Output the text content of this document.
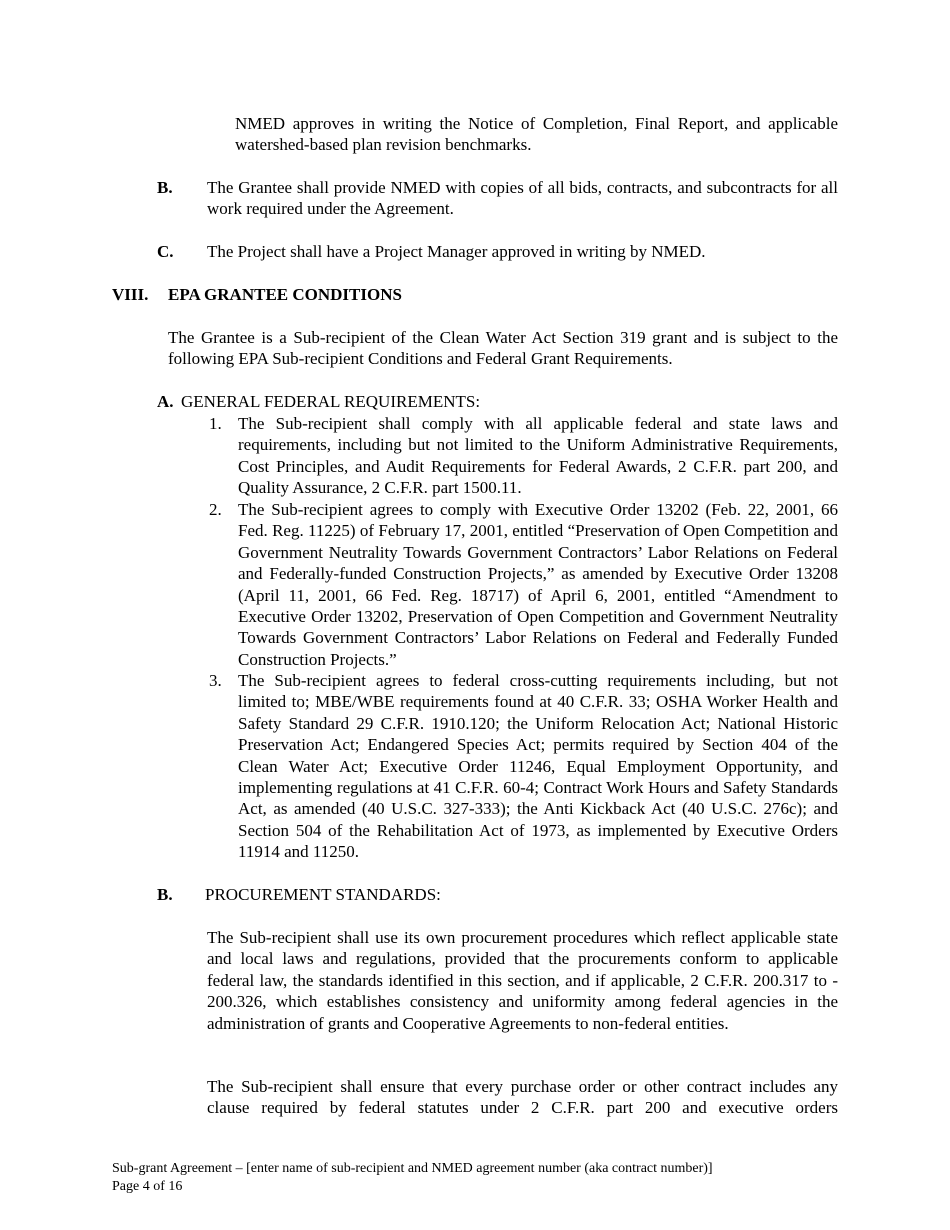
NMED approves in writing the Notice of Completion, Final Report, and applicable watershed-based plan revision benchmarks.
B. The Grantee shall provide NMED with copies of all bids, contracts, and subcontracts for all work required under the Agreement.
C. The Project shall have a Project Manager approved in writing by NMED.
VIII. EPA GRANTEE CONDITIONS
The Grantee is a Sub-recipient of the Clean Water Act Section 319 grant and is subject to the following EPA Sub-recipient Conditions and Federal Grant Requirements.
A. GENERAL FEDERAL REQUIREMENTS:
1. The Sub-recipient shall comply with all applicable federal and state laws and requirements, including but not limited to the Uniform Administrative Requirements, Cost Principles, and Audit Requirements for Federal Awards, 2 C.F.R. part 200, and Quality Assurance, 2 C.F.R. part 1500.11.
2. The Sub-recipient agrees to comply with Executive Order 13202 (Feb. 22, 2001, 66 Fed. Reg. 11225) of February 17, 2001, entitled “Preservation of Open Competition and Government Neutrality Towards Government Contractors’ Labor Relations on Federal and Federally-funded Construction Projects,” as amended by Executive Order 13208 (April 11, 2001, 66 Fed. Reg. 18717) of April 6, 2001, entitled “Amendment to Executive Order 13202, Preservation of Open Competition and Government Neutrality Towards Government Contractors’ Labor Relations on Federal and Federally Funded Construction Projects.”
3. The Sub-recipient agrees to federal cross-cutting requirements including, but not limited to; MBE/WBE requirements found at 40 C.F.R. 33; OSHA Worker Health and Safety Standard 29 C.F.R. 1910.120; the Uniform Relocation Act; National Historic Preservation Act; Endangered Species Act; permits required by Section 404 of the Clean Water Act; Executive Order 11246, Equal Employment Opportunity, and implementing regulations at 41 C.F.R. 60-4; Contract Work Hours and Safety Standards Act, as amended (40 U.S.C. 327-333); the Anti Kickback Act (40 U.S.C. 276c); and Section 504 of the Rehabilitation Act of 1973, as implemented by Executive Orders 11914 and 11250.
B. PROCUREMENT STANDARDS:
The Sub-recipient shall use its own procurement procedures which reflect applicable state and local laws and regulations, provided that the procurements conform to applicable federal law, the standards identified in this section, and if applicable, 2 C.F.R. 200.317 to - 200.326, which establishes consistency and uniformity among federal agencies in the administration of grants and Cooperative Agreements to non-federal entities.
The Sub-recipient shall ensure that every purchase order or other contract includes any clause required by federal statutes under 2 C.F.R. part 200 and executive orders
Sub-grant Agreement – [enter name of sub-recipient and NMED agreement number (aka contract number)]
Page 4 of 16
